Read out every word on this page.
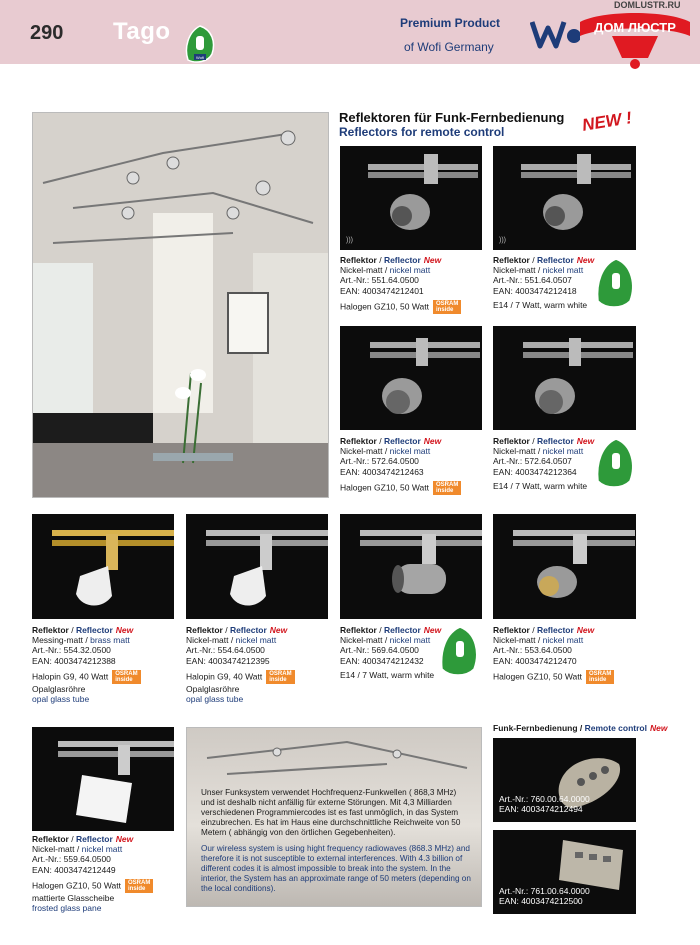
290 Tago
Wofi
Premium Product
of Wofi Germany
ДОМ ЛЮСТР
DOMLUSTR.RU
Reflektoren für Funk-Fernbedienung
Reflectors for remote control	NEW !
)))	)))
Reflektor / Reflector New
Nickel-matt / nickel matt
Art.-Nr.: 551.64.0500
EAN: 4003474212401
Halogen GZ10, 50 Watt OSRAM
inside
Reflektor / Reflector New
Nickel-matt / nickel matt
Art.-Nr.: 551.64.0507
EAN: 4003474212418
E14 / 7 Watt, warm white
Reflektor / Reflector New
Nickel-matt / nickel matt
Art.-Nr.: 572.64.0500
EAN: 4003474212463
Halogen GZ10, 50 Watt OSRAM
inside
Reflektor / Reflector New
Nickel-matt / nickel matt
Art.-Nr.: 572.64.0507
EAN: 4003474212364
E14 / 7 Watt, warm white
Reflektor / Reflector New
Messing-matt / brass matt
Art.-Nr.: 554.32.0500
EAN: 4003474212388
Halopin G9, 40 Watt OSRAM
inside
Opalglasröhre
opal glass tube
Reflektor / Reflector New
Nickel-matt / nickel matt
Art.-Nr.: 554.64.0500
EAN: 4003474212395
Halopin G9, 40 Watt OSRAM
inside
Opalglasröhre
opal glass tube
Reflektor / Reflector New
Nickel-matt / nickel matt
Art.-Nr.: 569.64.0500
EAN: 4003474212432
E14 / 7 Watt, warm white
Reflektor / Reflector New
Nickel-matt / nickel matt
Art.-Nr.: 553.64.0500
EAN: 4003474212470
Halogen GZ10, 50 Watt OSRAM
inside
Reflektor / Reflector New
Nickel-matt / nickel matt
Art.-Nr.: 559.64.0500
EAN: 4003474212449
Halogen GZ10, 50 Watt OSRAM
inside
mattierte Glasscheibe
frosted glass pane
Unser Funksystem verwendet Hochfrequenz-Funkwellen ( 868,3 MHz) und ist deshalb nicht anfällig für externe Störungen. Mit 4,3 Milliarden verschiedenen Programmiercodes ist es fast unmöglich, in das System einzubrechen. Es hat im Haus eine durchschnittliche Reichweite von 50 Metern ( abhängig von den örtlichen Gegebenheiten).
Our wireless system is using hight frequency radiowaves (868.3 MHz) and therefore it is not susceptible to external interferences. With 4.3 billion of different codes it is almost impossible to break into the system. In the interior, the System has an approximate range of 50 meters (depending on the local conditions).
Funk-Fernbedienung / Remote control New
Art.-Nr.: 760.00.64.0000
EAN: 4003474212494
Art.-Nr.: 761.00.64.0000
EAN: 4003474212500
